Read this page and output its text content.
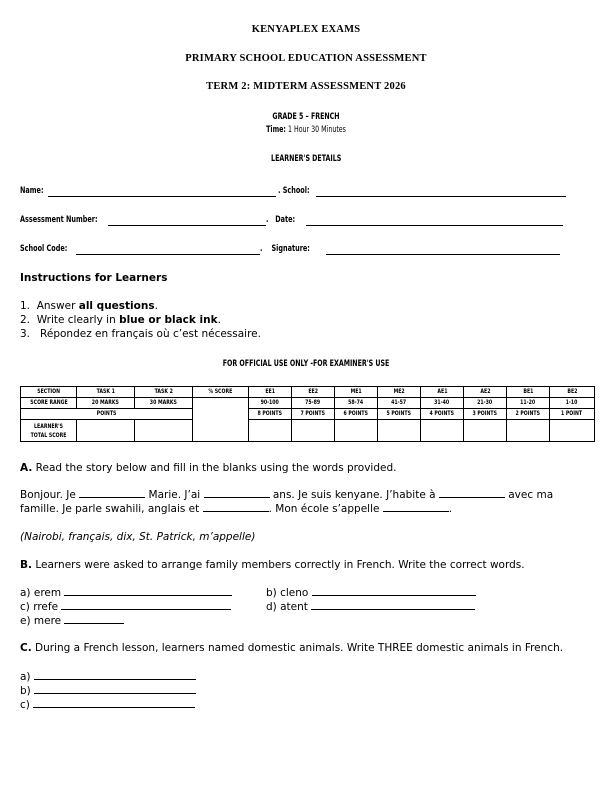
KENYAPLEX EXAMS
PRIMARY SCHOOL EDUCATION ASSESSMENT
TERM 2: MIDTERM ASSESSMENT 2026
GRADE 5 – FRENCH
Time: 1 Hour 30 Minutes
LEARNER'S DETAILS
Name:	. School:
Assessment Number:	.   Date:
School Code:	.    Signature:
Instructions for Learners
1. Answer all questions.
2. Write clearly in blue or black ink.
3. Répondez en français où c’est nécessaire.
FOR OFFICIAL USE ONLY -FOR EXAMINER'S USE
SECTION	TASK 1	TASK 2	% SCORE	EE1	EE2	ME1	ME2	AE1	AE2	BE1	BE2
SCORE RANGE	20 MARKS	30 MARKS		90-100	75-89	58-74	41-57	31-40	21-30	11-20	1-10
POINTS				8 POINTS	7 POINTS	6 POINTS	5 POINTS	4 POINTS	3 POINTS	2 POINTS	1 POINT
LEARNER'S TOTAL SCORE											
A. Read the story below and fill in the blanks using the words provided.
Bonjour. Je	Marie. J’ai	ans. Je suis kenyane. J’habite à	avec ma
famille. Je parle swahili, anglais et	. Mon école s’appelle	.
(Nairobi, français, dix, St. Patrick, m’appelle)
B. Learners were asked to arrange family members correctly in French. Write the correct words.
a) erem	b) cleno
c) rrefe	d) atent
e) mere
C. During a French lesson, learners named domestic animals. Write THREE domestic animals in French.
a)
b)
c)
